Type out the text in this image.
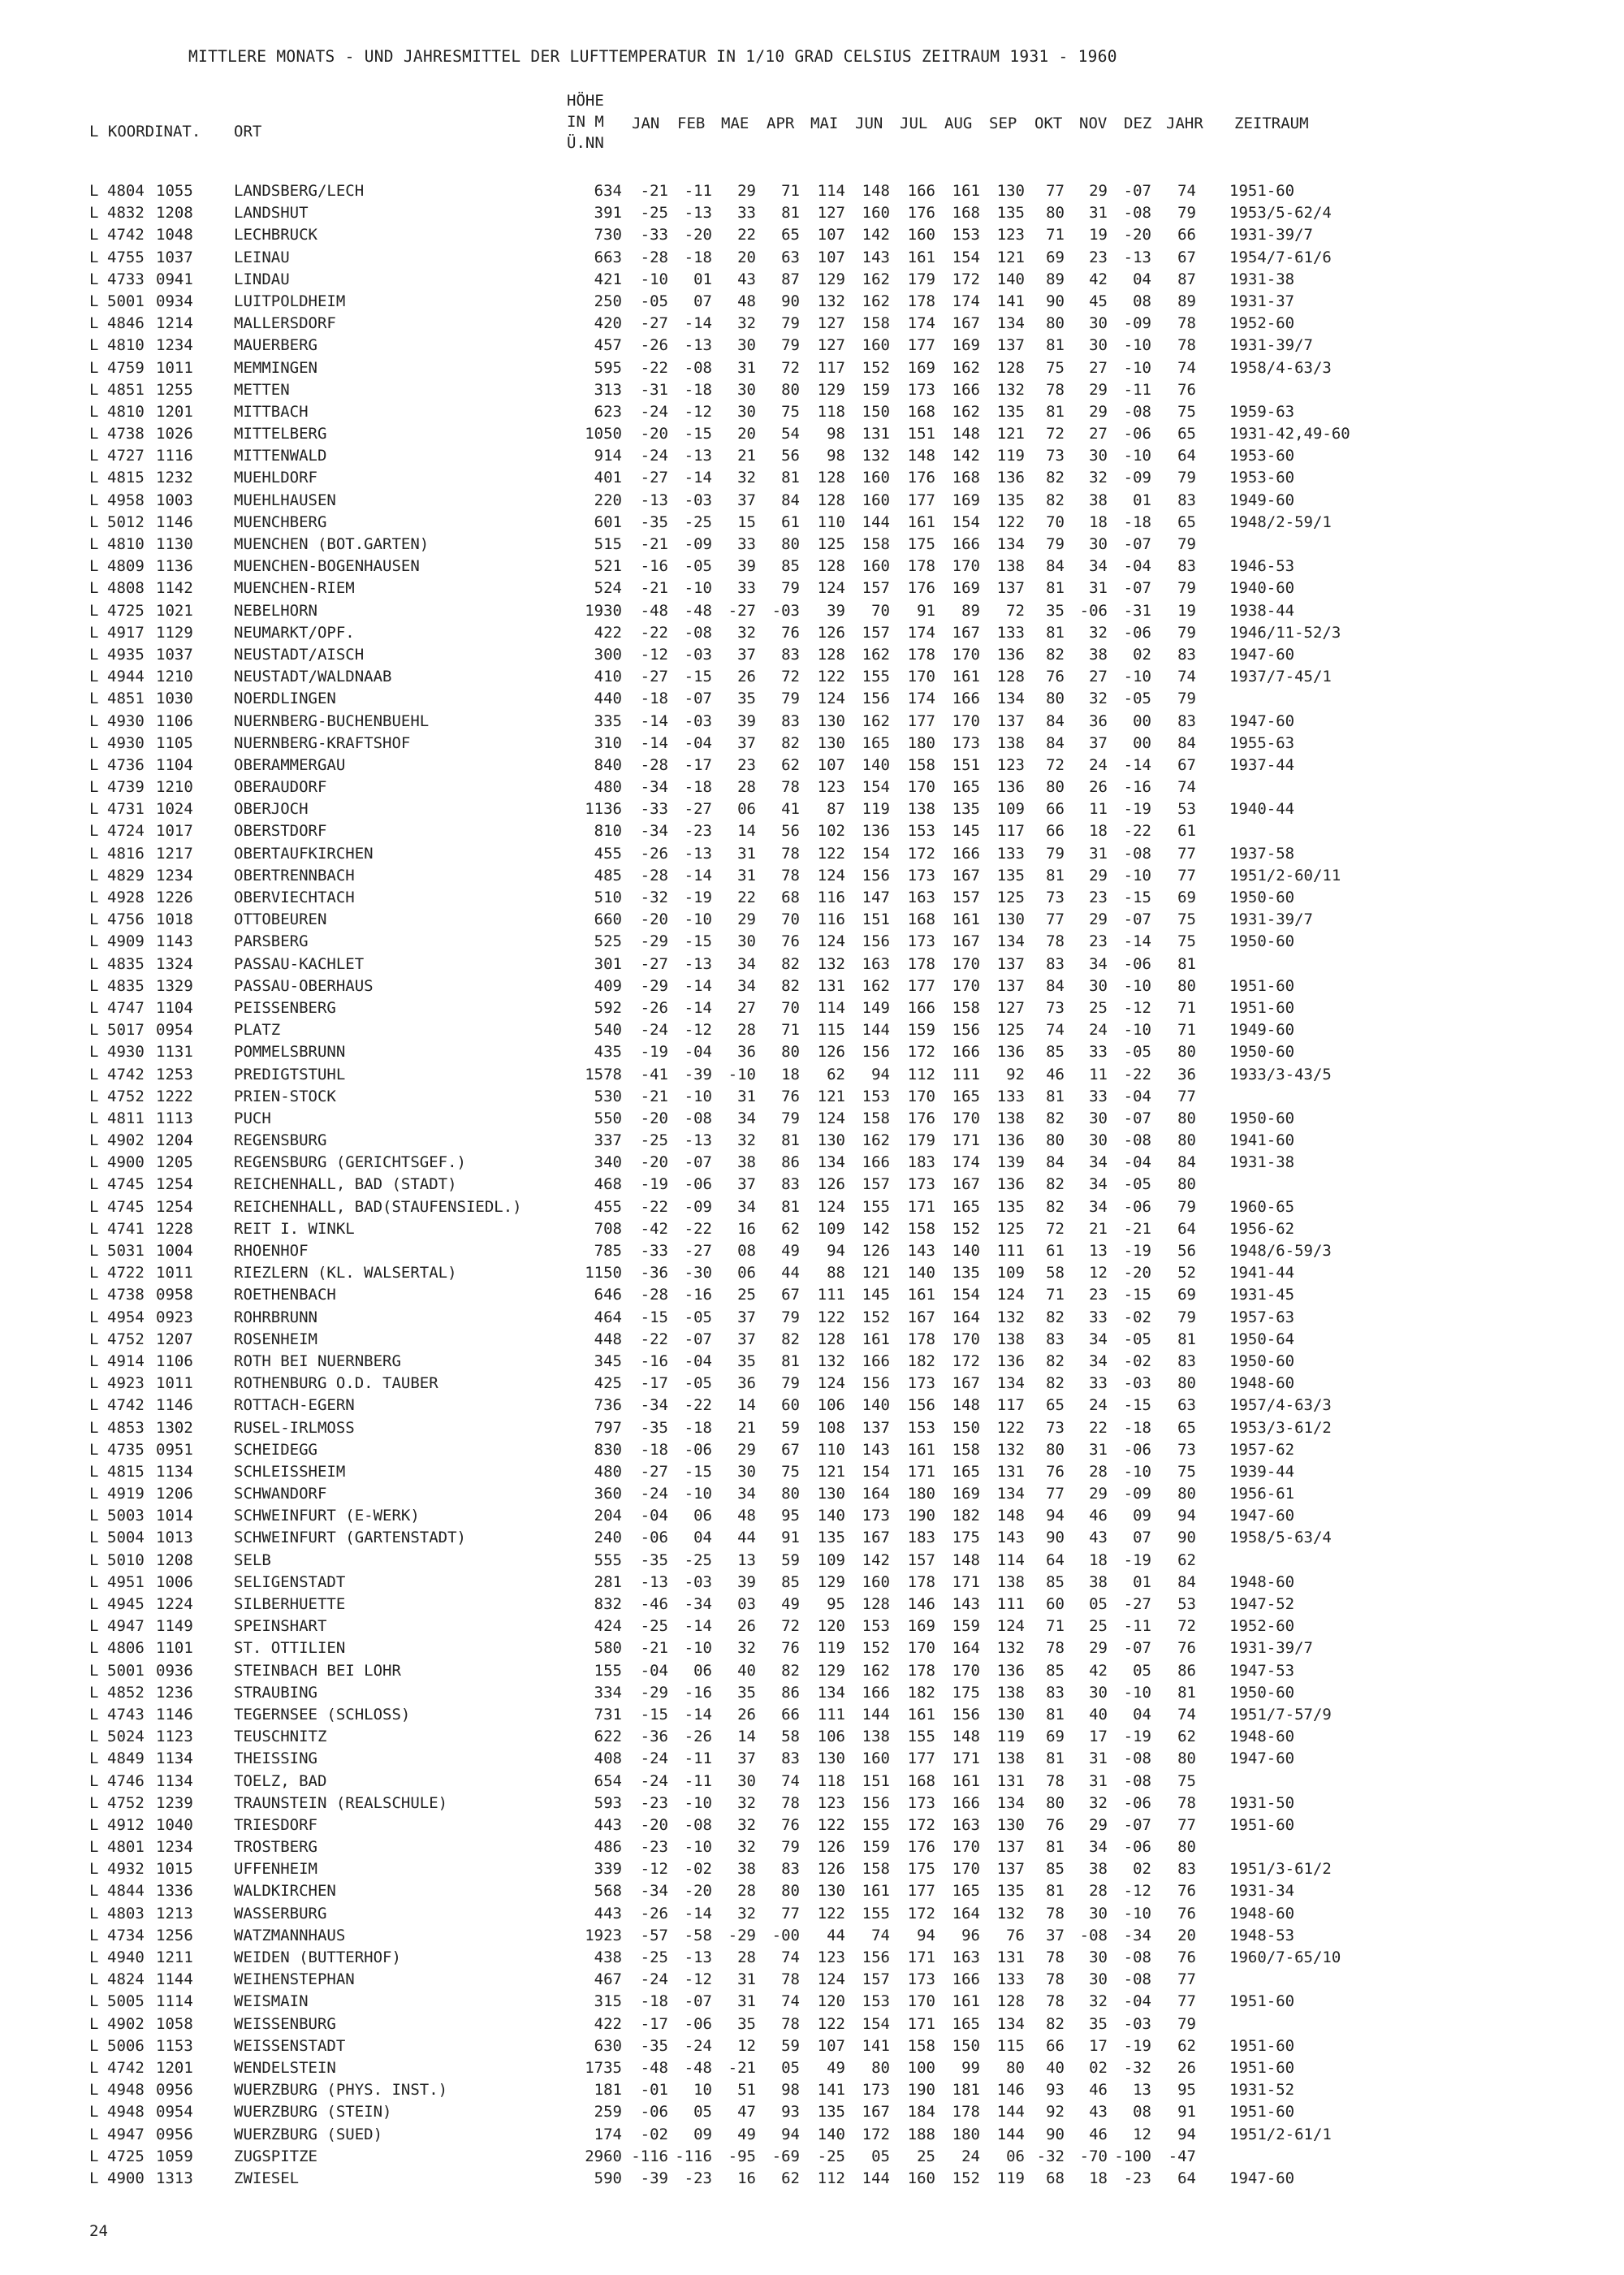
MITTLERE MONATS - UND JAHRESMITTEL DER LUFTTEMPERATUR IN 1/10 GRAD CELSIUS ZEITRAUM 1931 - 1960
L KOORDINAT. ORT
HÖHE
IN M
Ü.NN
JAN FEB MAE APR MAI JUN JUL AUG SEP OKT NOV DEZ JAHR ZEITRAUM
L 4804 1055	LANDSBERG/LECH	634 -21 -11 29 71 114 148 166 161 130 77 29 -07 74 1951-60
L 4832 1208	LANDSHUT	391 -25 -13 33 81 127 160 176 168 135 80 31 -08 79 1953/5-62/4
L 4742 1048	LECHBRUCK	730 -33 -20 22 65 107 142 160 153 123 71 19 -20 66 1931-39/7
L 4755 1037	LEINAU	663 -28 -18 20 63 107 143 161 154 121 69 23 -13 67 1954/7-61/6
L 4733 0941	LINDAU	421 -10 01 43 87 129 162 179 172 140 89 42 04 87 1931-38
L 5001 0934	LUITPOLDHEIM	250 -05 07 48 90 132 162 178 174 141 90 45 08 89 1931-37
L 4846 1214	MALLERSDORF	420 -27 -14 32 79 127 158 174 167 134 80 30 -09 78 1952-60
L 4810 1234	MAUERBERG	457 -26 -13 30 79 127 160 177 169 137 81 30 -10 78 1931-39/7
L 4759 1011	MEMMINGEN	595 -22 -08 31 72 117 152 169 162 128 75 27 -10 74 1958/4-63/3
L 4851 1255	METTEN	313 -31 -18 30 80 129 159 173 166 132 78 29 -11 76
L 4810 1201	MITTBACH	623 -24 -12 30 75 118 150 168 162 135 81 29 -08 75 1959-63
L 4738 1026	MITTELBERG	1050 -20 -15 20 54 98 131 151 148 121 72 27 -06 65 1931-42,49-60
L 4727 1116	MITTENWALD	914 -24 -13 21 56 98 132 148 142 119 73 30 -10 64 1953-60
L 4815 1232	MUEHLDORF	401 -27 -14 32 81 128 160 176 168 136 82 32 -09 79 1953-60
L 4958 1003	MUEHLHAUSEN	220 -13 -03 37 84 128 160 177 169 135 82 38 01 83 1949-60
L 5012 1146	MUENCHBERG	601 -35 -25 15 61 110 144 161 154 122 70 18 -18 65 1948/2-59/1
L 4810 1130	MUENCHEN (BOT.GARTEN)	515 -21 -09 33 80 125 158 175 166 134 79 30 -07 79
L 4809 1136	MUENCHEN-BOGENHAUSEN	521 -16 -05 39 85 128 160 178 170 138 84 34 -04 83 1946-53
L 4808 1142	MUENCHEN-RIEM	524 -21 -10 33 79 124 157 176 169 137 81 31 -07 79 1940-60
L 4725 1021	NEBELHORN	1930 -48 -48 -27 -03 39 70 91 89 72 35 -06 -31 19 1938-44
L 4917 1129	NEUMARKT/OPF.	422 -22 -08 32 76 126 157 174 167 133 81 32 -06 79 1946/11-52/3
L 4935 1037	NEUSTADT/AISCH	300 -12 -03 37 83 128 162 178 170 136 82 38 02 83 1947-60
L 4944 1210	NEUSTADT/WALDNAAB	410 -27 -15 26 72 122 155 170 161 128 76 27 -10 74 1937/7-45/1
L 4851 1030	NOERDLINGEN	440 -18 -07 35 79 124 156 174 166 134 80 32 -05 79
L 4930 1106	NUERNBERG-BUCHENBUEHL	335 -14 -03 39 83 130 162 177 170 137 84 36 00 83 1947-60
L 4930 1105	NUERNBERG-KRAFTSHOF	310 -14 -04 37 82 130 165 180 173 138 84 37 00 84 1955-63
L 4736 1104	OBERAMMERGAU	840 -28 -17 23 62 107 140 158 151 123 72 24 -14 67 1937-44
L 4739 1210	OBERAUDORF	480 -34 -18 28 78 123 154 170 165 136 80 26 -16 74
L 4731 1024	OBERJOCH	1136 -33 -27 06 41 87 119 138 135 109 66 11 -19 53 1940-44
L 4724 1017	OBERSTDORF	810 -34 -23 14 56 102 136 153 145 117 66 18 -22 61
L 4816 1217	OBERTAUFKIRCHEN	455 -26 -13 31 78 122 154 172 166 133 79 31 -08 77 1937-58
L 4829 1234	OBERTRENNBACH	485 -28 -14 31 78 124 156 173 167 135 81 29 -10 77 1951/2-60/11
L 4928 1226	OBERVIECHTACH	510 -32 -19 22 68 116 147 163 157 125 73 23 -15 69 1950-60
L 4756 1018	OTTOBEUREN	660 -20 -10 29 70 116 151 168 161 130 77 29 -07 75 1931-39/7
L 4909 1143	PARSBERG	525 -29 -15 30 76 124 156 173 167 134 78 23 -14 75 1950-60
L 4835 1324	PASSAU-KACHLET	301 -27 -13 34 82 132 163 178 170 137 83 34 -06 81
L 4835 1329	PASSAU-OBERHAUS	409 -29 -14 34 82 131 162 177 170 137 84 30 -10 80 1951-60
L 4747 1104	PEISSENBERG	592 -26 -14 27 70 114 149 166 158 127 73 25 -12 71 1951-60
L 5017 0954	PLATZ	540 -24 -12 28 71 115 144 159 156 125 74 24 -10 71 1949-60
L 4930 1131	POMMELSBRUNN	435 -19 -04 36 80 126 156 172 166 136 85 33 -05 80 1950-60
L 4742 1253	PREDIGTSTUHL	1578 -41 -39 -10 18 62 94 112 111 92 46 11 -22 36 1933/3-43/5
L 4752 1222	PRIEN-STOCK	530 -21 -10 31 76 121 153 170 165 133 81 33 -04 77
L 4811 1113	PUCH	550 -20 -08 34 79 124 158 176 170 138 82 30 -07 80 1950-60
L 4902 1204	REGENSBURG	337 -25 -13 32 81 130 162 179 171 136 80 30 -08 80 1941-60
L 4900 1205	REGENSBURG (GERICHTSGEF.)	340 -20 -07 38 86 134 166 183 174 139 84 34 -04 84 1931-38
L 4745 1254	REICHENHALL, BAD (STADT)	468 -19 -06 37 83 126 157 173 167 136 82 34 -05 80
L 4745 1254	REICHENHALL, BAD(STAUFENSIEDL.)	455 -22 -09 34 81 124 155 171 165 135 82 34 -06 79 1960-65
L 4741 1228	REIT I. WINKL	708 -42 -22 16 62 109 142 158 152 125 72 21 -21 64 1956-62
L 5031 1004	RHOENHOF	785 -33 -27 08 49 94 126 143 140 111 61 13 -19 56 1948/6-59/3
L 4722 1011	RIEZLERN (KL. WALSERTAL)	1150 -36 -30 06 44 88 121 140 135 109 58 12 -20 52 1941-44
L 4738 0958	ROETHENBACH	646 -28 -16 25 67 111 145 161 154 124 71 23 -15 69 1931-45
L 4954 0923	ROHRBRUNN	464 -15 -05 37 79 122 152 167 164 132 82 33 -02 79 1957-63
L 4752 1207	ROSENHEIM	448 -22 -07 37 82 128 161 178 170 138 83 34 -05 81 1950-64
L 4914 1106	ROTH BEI NUERNBERG	345 -16 -04 35 81 132 166 182 172 136 82 34 -02 83 1950-60
L 4923 1011	ROTHENBURG O.D. TAUBER	425 -17 -05 36 79 124 156 173 167 134 82 33 -03 80 1948-60
L 4742 1146	ROTTACH-EGERN	736 -34 -22 14 60 106 140 156 148 117 65 24 -15 63 1957/4-63/3
L 4853 1302	RUSEL-IRLMOSS	797 -35 -18 21 59 108 137 153 150 122 73 22 -18 65 1953/3-61/2
L 4735 0951	SCHEIDEGG	830 -18 -06 29 67 110 143 161 158 132 80 31 -06 73 1957-62
L 4815 1134	SCHLEISSHEIM	480 -27 -15 30 75 121 154 171 165 131 76 28 -10 75 1939-44
L 4919 1206	SCHWANDORF	360 -24 -10 34 80 130 164 180 169 134 77 29 -09 80 1956-61
L 5003 1014	SCHWEINFURT (E-WERK)	204 -04 06 48 95 140 173 190 182 148 94 46 09 94 1947-60
L 5004 1013	SCHWEINFURT (GARTENSTADT)	240 -06 04 44 91 135 167 183 175 143 90 43 07 90 1958/5-63/4
L 5010 1208	SELB	555 -35 -25 13 59 109 142 157 148 114 64 18 -19 62
L 4951 1006	SELIGENSTADT	281 -13 -03 39 85 129 160 178 171 138 85 38 01 84 1948-60
L 4945 1224	SILBERHUETTE	832 -46 -34 03 49 95 128 146 143 111 60 05 -27 53 1947-52
L 4947 1149	SPEINSHART	424 -25 -14 26 72 120 153 169 159 124 71 25 -11 72 1952-60
L 4806 1101	ST. OTTILIEN	580 -21 -10 32 76 119 152 170 164 132 78 29 -07 76 1931-39/7
L 5001 0936	STEINBACH BEI LOHR	155 -04 06 40 82 129 162 178 170 136 85 42 05 86 1947-53
L 4852 1236	STRAUBING	334 -29 -16 35 86 134 166 182 175 138 83 30 -10 81 1950-60
L 4743 1146	TEGERNSEE (SCHLOSS)	731 -15 -14 26 66 111 144 161 156 130 81 40 04 74 1951/7-57/9
L 5024 1123	TEUSCHNITZ	622 -36 -26 14 58 106 138 155 148 119 69 17 -19 62 1948-60
L 4849 1134	THEISSING	408 -24 -11 37 83 130 160 177 171 138 81 31 -08 80 1947-60
L 4746 1134	TOELZ, BAD	654 -24 -11 30 74 118 151 168 161 131 78 31 -08 75
L 4752 1239	TRAUNSTEIN (REALSCHULE)	593 -23 -10 32 78 123 156 173 166 134 80 32 -06 78 1931-50
L 4912 1040	TRIESDORF	443 -20 -08 32 76 122 155 172 163 130 76 29 -07 77 1951-60
L 4801 1234	TROSTBERG	486 -23 -10 32 79 126 159 176 170 137 81 34 -06 80
L 4932 1015	UFFENHEIM	339 -12 -02 38 83 126 158 175 170 137 85 38 02 83 1951/3-61/2
L 4844 1336	WALDKIRCHEN	568 -34 -20 28 80 130 161 177 165 135 81 28 -12 76 1931-34
L 4803 1213	WASSERBURG	443 -26 -14 32 77 122 155 172 164 132 78 30 -10 76 1948-60
L 4734 1256	WATZMANNHAUS	1923 -57 -58 -29 -00 44 74 94 96 76 37 -08 -34 20 1948-53
L 4940 1211	WEIDEN (BUTTERHOF)	438 -25 -13 28 74 123 156 171 163 131 78 30 -08 76 1960/7-65/10
L 4824 1144	WEIHENSTEPHAN	467 -24 -12 31 78 124 157 173 166 133 78 30 -08 77
L 5005 1114	WEISMAIN	315 -18 -07 31 74 120 153 170 161 128 78 32 -04 77 1951-60
L 4902 1058	WEISSENBURG	422 -17 -06 35 78 122 154 171 165 134 82 35 -03 79
L 5006 1153	WEISSENSTADT	630 -35 -24 12 59 107 141 158 150 115 66 17 -19 62 1951-60
L 4742 1201	WENDELSTEIN	1735 -48 -48 -21 05 49 80 100 99 80 40 02 -32 26 1951-60
L 4948 0956	WUERZBURG (PHYS. INST.)	181 -01 10 51 98 141 173 190 181 146 93 46 13 95 1931-52
L 4948 0954	WUERZBURG (STEIN)	259 -06 05 47 93 135 167 184 178 144 92 43 08 91 1951-60
L 4947 0956	WUERZBURG (SUED)	174 -02 09 49 94 140 172 188 180 144 90 46 12 94 1951/2-61/1
L 4725 1059	ZUGSPITZE	2960 -116 -116 -95 -69 -25 05 25 24 06 -32 -70 -100 -47
L 4900 1313	ZWIESEL	590 -39 -23 16 62 112 144 160 152 119 68 18 -23 64 1947-60
24
